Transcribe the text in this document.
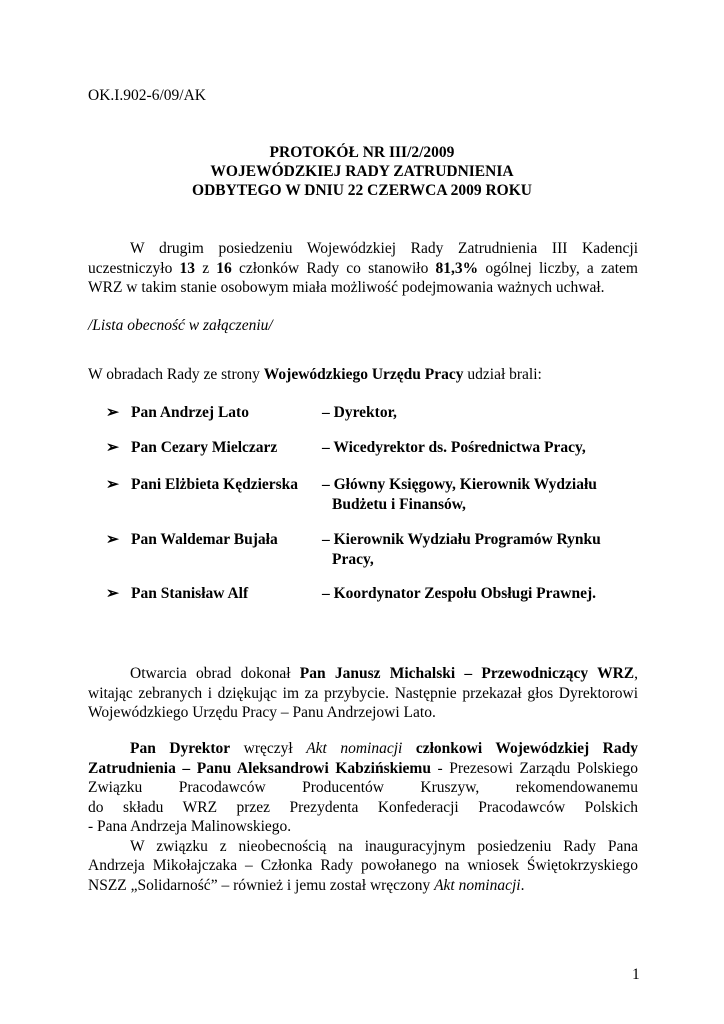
OK.I.902-6/09/AK
PROTOKÓŁ NR III/2/2009
WOJEWÓDZKIEJ RADY ZATRUDNIENIA
ODBYTEGO W DNIU 22 CZERWCA 2009 ROKU
W drugim posiedzeniu Wojewódzkiej Rady Zatrudnienia III Kadencji
uczestniczyło 13 z 16 członków Rady co stanowiło 81,3% ogólnej liczby, a zatem
WRZ w takim stanie osobowym miała możliwość podejmowania ważnych uchwał.
/Lista obecność w załączeniu/
W obradach Rady ze strony Wojewódzkiego Urzędu Pracy udział brali:
➢ Pan Andrzej Lato	– Dyrektor,
➢ Pan Cezary Mielczarz	– Wicedyrektor ds. Pośrednictwa Pracy,
➢ Pani Elżbieta Kędzierska – Główny Księgowy, Kierownik Wydziału
Budżetu i Finansów,
➢ Pan Waldemar Bujała	– Kierownik Wydziału Programów Rynku
Pracy,
➢ Pan Stanisław Alf	– Koordynator Zespołu Obsługi Prawnej.
Otwarcia obrad dokonał Pan Janusz Michalski – Przewodniczący WRZ,
witając zebranych i dziękując im za przybycie. Następnie przekazał głos Dyrektorowi
Wojewódzkiego Urzędu Pracy – Panu Andrzejowi Lato.
Pan Dyrektor wręczył Akt nominacji członkowi Wojewódzkiej Rady
Zatrudnienia – Panu Aleksandrowi Kabzińskiemu - Prezesowi Zarządu Polskiego
Związku Pracodawców Producentów Kruszyw, rekomendowanemu
do składu WRZ przez Prezydenta Konfederacji Pracodawców Polskich
- Pana Andrzeja Malinowskiego.
W związku z nieobecnością na inauguracyjnym posiedzeniu Rady Pana
Andrzeja Mikołajczaka – Członka Rady powołanego na wniosek Świętokrzyskiego
NSZZ „Solidarność” – również i jemu został wręczony Akt nominacji.
1
